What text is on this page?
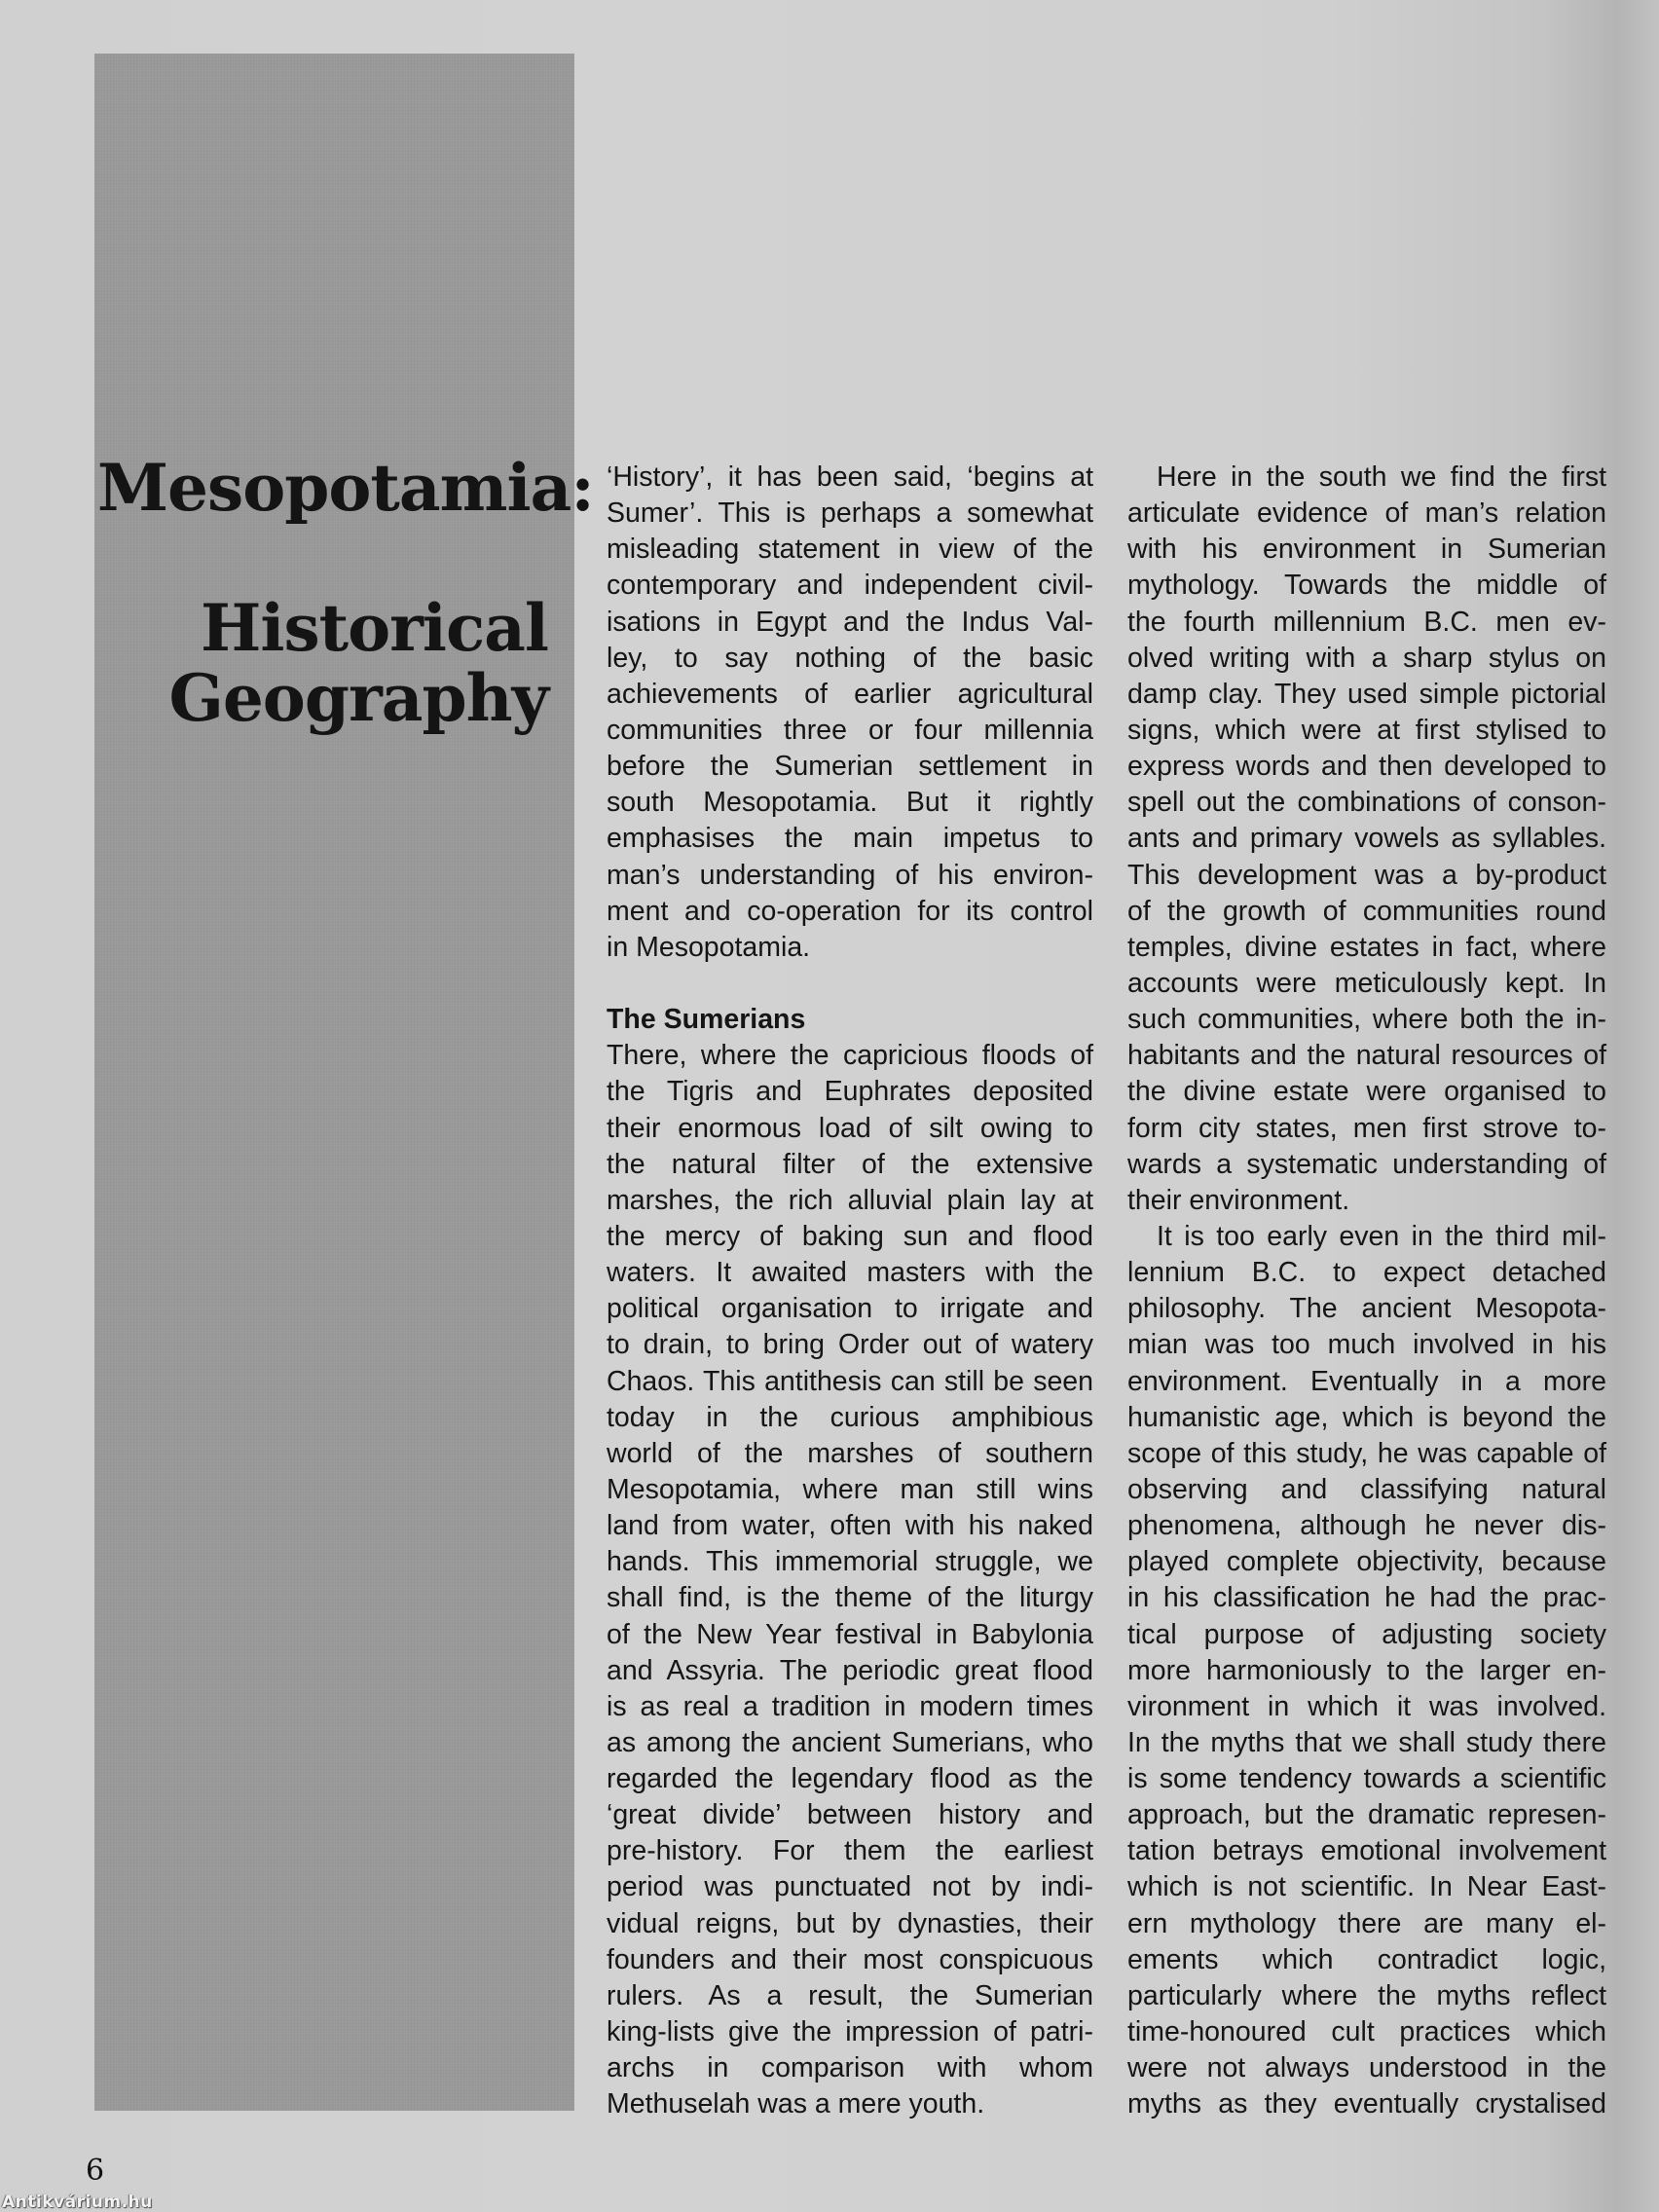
Mesopotamia:
Historical
Geography
‘History’, it has been said, ‘begins at
Sumer’. This is perhaps a somewhat
misleading statement in view of the
contemporary and independent civil-
isations in Egypt and the Indus Val-
ley, to say nothing of the basic
achievements of earlier agricultural
communities three or four millennia
before the Sumerian settlement in
south Mesopotamia. But it rightly
emphasises the main impetus to
man’s understanding of his environ-
ment and co-operation for its control
in Mesopotamia.
The Sumerians
There, where the capricious floods of
the Tigris and Euphrates deposited
their enormous load of silt owing to
the natural filter of the extensive
marshes, the rich alluvial plain lay at
the mercy of baking sun and flood
waters. It awaited masters with the
political organisation to irrigate and
to drain, to bring Order out of watery
Chaos. This antithesis can still be seen
today in the curious amphibious
world of the marshes of southern
Mesopotamia, where man still wins
land from water, often with his naked
hands. This immemorial struggle, we
shall find, is the theme of the liturgy
of the New Year festival in Babylonia
and Assyria. The periodic great flood
is as real a tradition in modern times
as among the ancient Sumerians, who
regarded the legendary flood as the
‘great divide’ between history and
pre-history. For them the earliest
period was punctuated not by indi-
vidual reigns, but by dynasties, their
founders and their most conspicuous
rulers. As a result, the Sumerian
king-lists give the impression of patri-
archs in comparison with whom
Methuselah was a mere youth.
Here in the south we find the first
articulate evidence of man’s relation
with his environment in Sumerian
mythology. Towards the middle of
the fourth millennium B.C. men ev-
olved writing with a sharp stylus on
damp clay. They used simple pictorial
signs, which were at first stylised to
express words and then developed to
spell out the combinations of conson-
ants and primary vowels as syllables.
This development was a by-product
of the growth of communities round
temples, divine estates in fact, where
accounts were meticulously kept. In
such communities, where both the in-
habitants and the natural resources of
the divine estate were organised to
form city states, men first strove to-
wards a systematic understanding of
their environment.
It is too early even in the third mil-
lennium B.C. to expect detached
philosophy. The ancient Mesopota-
mian was too much involved in his
environment. Eventually in a more
humanistic age, which is beyond the
scope of this study, he was capable of
observing and classifying natural
phenomena, although he never dis-
played complete objectivity, because
in his classification he had the prac-
tical purpose of adjusting society
more harmoniously to the larger en-
vironment in which it was involved.
In the myths that we shall study there
is some tendency towards a scientific
approach, but the dramatic represen-
tation betrays emotional involvement
which is not scientific. In Near East-
ern mythology there are many el-
ements which contradict logic,
particularly where the myths reflect
time-honoured cult practices which
were not always understood in the
myths as they eventually crystalised
6
Antikvárium.hu
